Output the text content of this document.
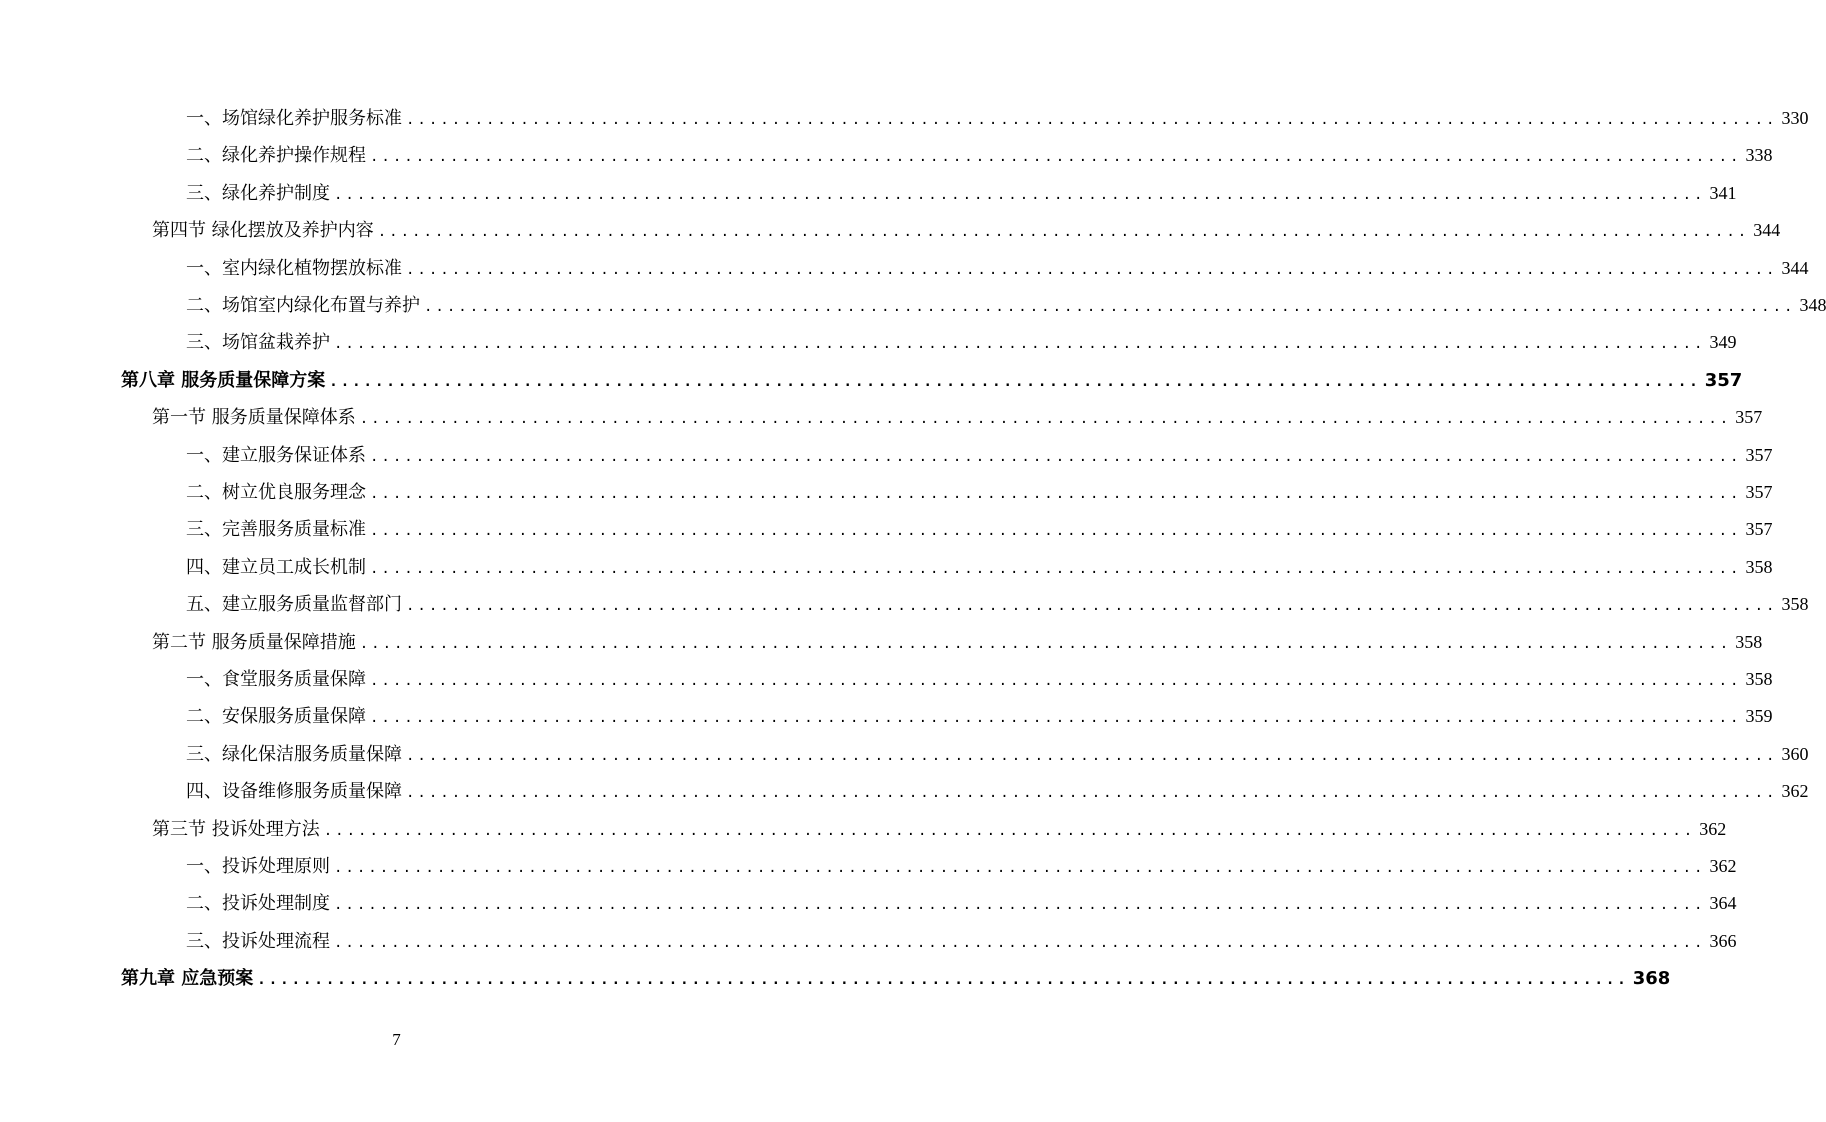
一、场馆绿化养护服务标准 ........................................................................................................................ 330
二、绿化养护操作规程 ........................................................................................................................ 338
三、绿化养护制度 ........................................................................................................................ 341
第四节 绿化摆放及养护内容 ........................................................................................................................ 344
一、室内绿化植物摆放标准 ........................................................................................................................ 344
二、场馆室内绿化布置与养护 ........................................................................................................................ 348
三、场馆盆栽养护 ........................................................................................................................ 349
第八章 服务质量保障方案 ........................................................................................................................ 357
第一节 服务质量保障体系 ........................................................................................................................ 357
一、建立服务保证体系 ........................................................................................................................ 357
二、树立优良服务理念 ........................................................................................................................ 357
三、完善服务质量标准 ........................................................................................................................ 357
四、建立员工成长机制 ........................................................................................................................ 358
五、建立服务质量监督部门 ........................................................................................................................ 358
第二节 服务质量保障措施 ........................................................................................................................ 358
一、食堂服务质量保障 ........................................................................................................................ 358
二、安保服务质量保障 ........................................................................................................................ 359
三、绿化保洁服务质量保障 ........................................................................................................................ 360
四、设备维修服务质量保障 ........................................................................................................................ 362
第三节 投诉处理方法 ........................................................................................................................ 362
一、投诉处理原则 ........................................................................................................................ 362
二、投诉处理制度 ........................................................................................................................ 364
三、投诉处理流程 ........................................................................................................................ 366
第九章 应急预案 ........................................................................................................................ 368
7
